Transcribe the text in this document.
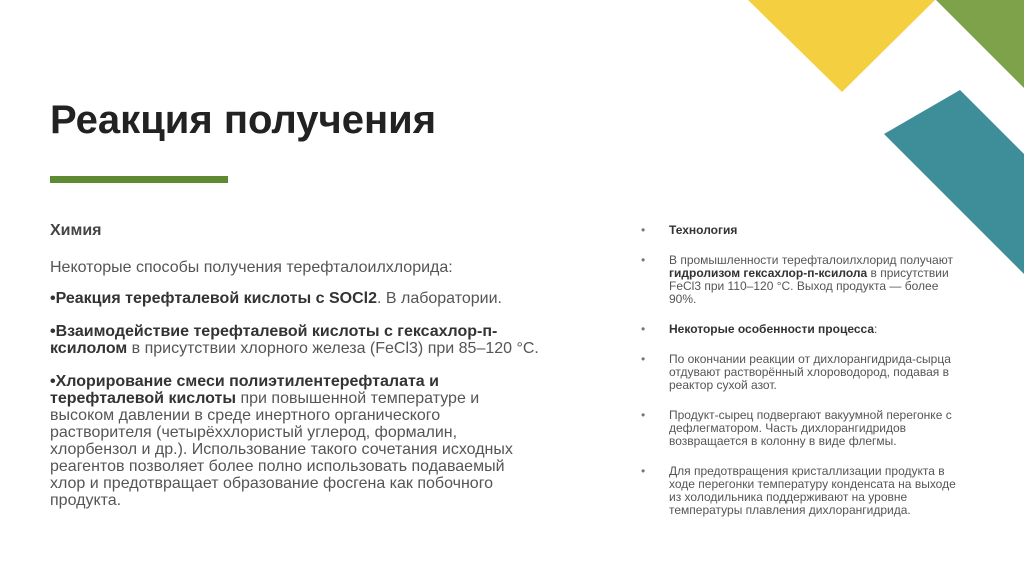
Реакция получения

Химия

Некоторые способы получения терефталоилхлорида:

•Реакция терефталевой кислоты с SOCl2. В лаборатории.

•Взаимодействие терефталевой кислоты с гексахлор-п-ксилолом в присутствии хлорного железа (FeCl3) при 85–120 °C.

•Хлорирование смеси полиэтилентерефталата и терефталевой кислоты при повышенной температуре и высоком давлении в среде инертного органического растворителя (четырёххлористый углерод, формалин, хлорбензол и др.). Использование такого сочетания исходных реагентов позволяет более полно использовать подаваемый хлор и предотвращает образование фосгена как побочного продукта.

•	Технология
•	В промышленности терефталоилхлорид получают гидролизом гексахлор-п-ксилола в присутствии FeCl3 при 110–120 °C. Выход продукта — более 90%.
•	Некоторые особенности процесса:
•	По окончании реакции от дихлорангидрида-сырца отдувают растворённый хлороводород, подавая в реактор сухой азот.
•	Продукт-сырец подвергают вакуумной перегонке с дефлегматором. Часть дихлорангидридов возвращается в колонну в виде флегмы.
•	Для предотвращения кристаллизации продукта в ходе перегонки температуру конденсата на выходе из холодильника поддерживают на уровне температуры плавления дихлорангидрида.
